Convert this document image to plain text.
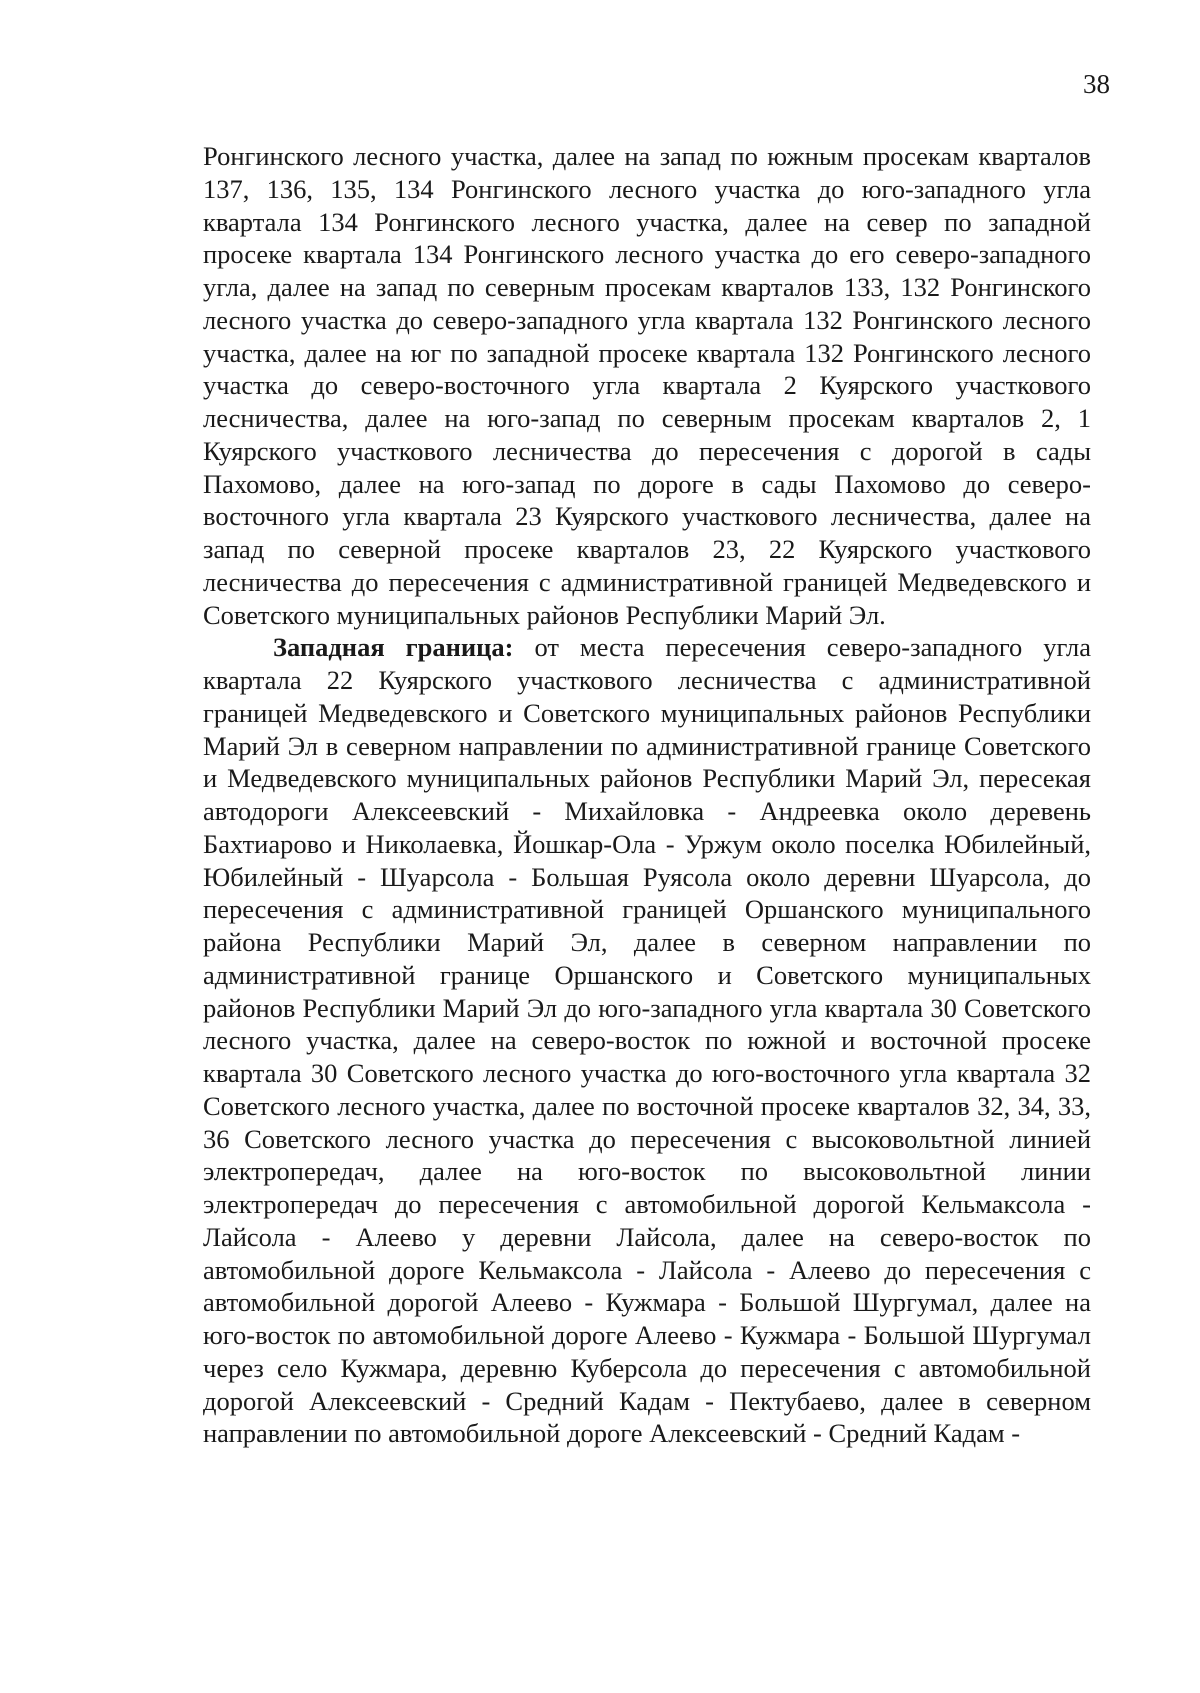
38

Ронгинского лесного участка, далее на запад по южным просекам кварталов 137, 136, 135, 134 Ронгинского лесного участка до юго-западного угла квартала 134 Ронгинского лесного участка, далее на север по западной просеке квартала 134 Ронгинского лесного участка до его северо-западного угла, далее на запад по северным просекам кварталов 133, 132 Ронгинского лесного участка до северо-западного угла квартала 132 Ронгинского лесного участка, далее на юг по западной просеке квартала 132 Ронгинского лесного участка до северо-восточного угла квартала 2 Куярского участкового лесничества, далее на юго-запад по северным просекам кварталов 2, 1 Куярского участкового лесничества до пересечения с дорогой в сады Пахомово, далее на юго-запад по дороге в сады Пахомово до северо-восточного угла квартала 23 Куярского участкового лесничества, далее на запад по северной просеке кварталов 23, 22 Куярского участкового лесничества до пересечения с административной границей Медведевского и Советского муниципальных районов Республики Марий Эл.

Западная граница: от места пересечения северо-западного угла квартала 22 Куярского участкового лесничества с административной границей Медведевского и Советского муниципальных районов Республики Марий Эл в северном направлении по административной границе Советского и Медведевского муниципальных районов Республики Марий Эл, пересекая автодороги Алексеевский - Михайловка - Андреевка около деревень Бахтиарово и Николаевка, Йошкар-Ола - Уржум около поселка Юбилейный, Юбилейный - Шуарсола - Большая Руясола около деревни Шуарсола, до пересечения с административной границей Оршанского муниципального района Республики Марий Эл, далее в северном направлении по административной границе Оршанского и Советского муниципальных районов Республики Марий Эл до юго-западного угла квартала 30 Советского лесного участка, далее на северо-восток по южной и восточной просеке квартала 30 Советского лесного участка до юго-восточного угла квартала 32 Советского лесного участка, далее по восточной просеке кварталов 32, 34, 33, 36 Советского лесного участка до пересечения с высоковольтной линией электропередач, далее на юго-восток по высоковольтной линии электропередач до пересечения с автомобильной дорогой Кельмаксола - Лайсола - Алеево у деревни Лайсола, далее на северо-восток по автомобильной дороге Кельмаксола - Лайсола - Алеево до пересечения с автомобильной дорогой Алеево - Кужмара - Большой Шургумал, далее на юго-восток по автомобильной дороге Алеево - Кужмара - Большой Шургумал через село Кужмара, деревню Кубeрсола до пересечения с автомобильной дорогой Алексеевский - Средний Кадам - Пектубаево, далее в северном направлении по автомобильной дороге Алексеевский - Средний Кадам -
